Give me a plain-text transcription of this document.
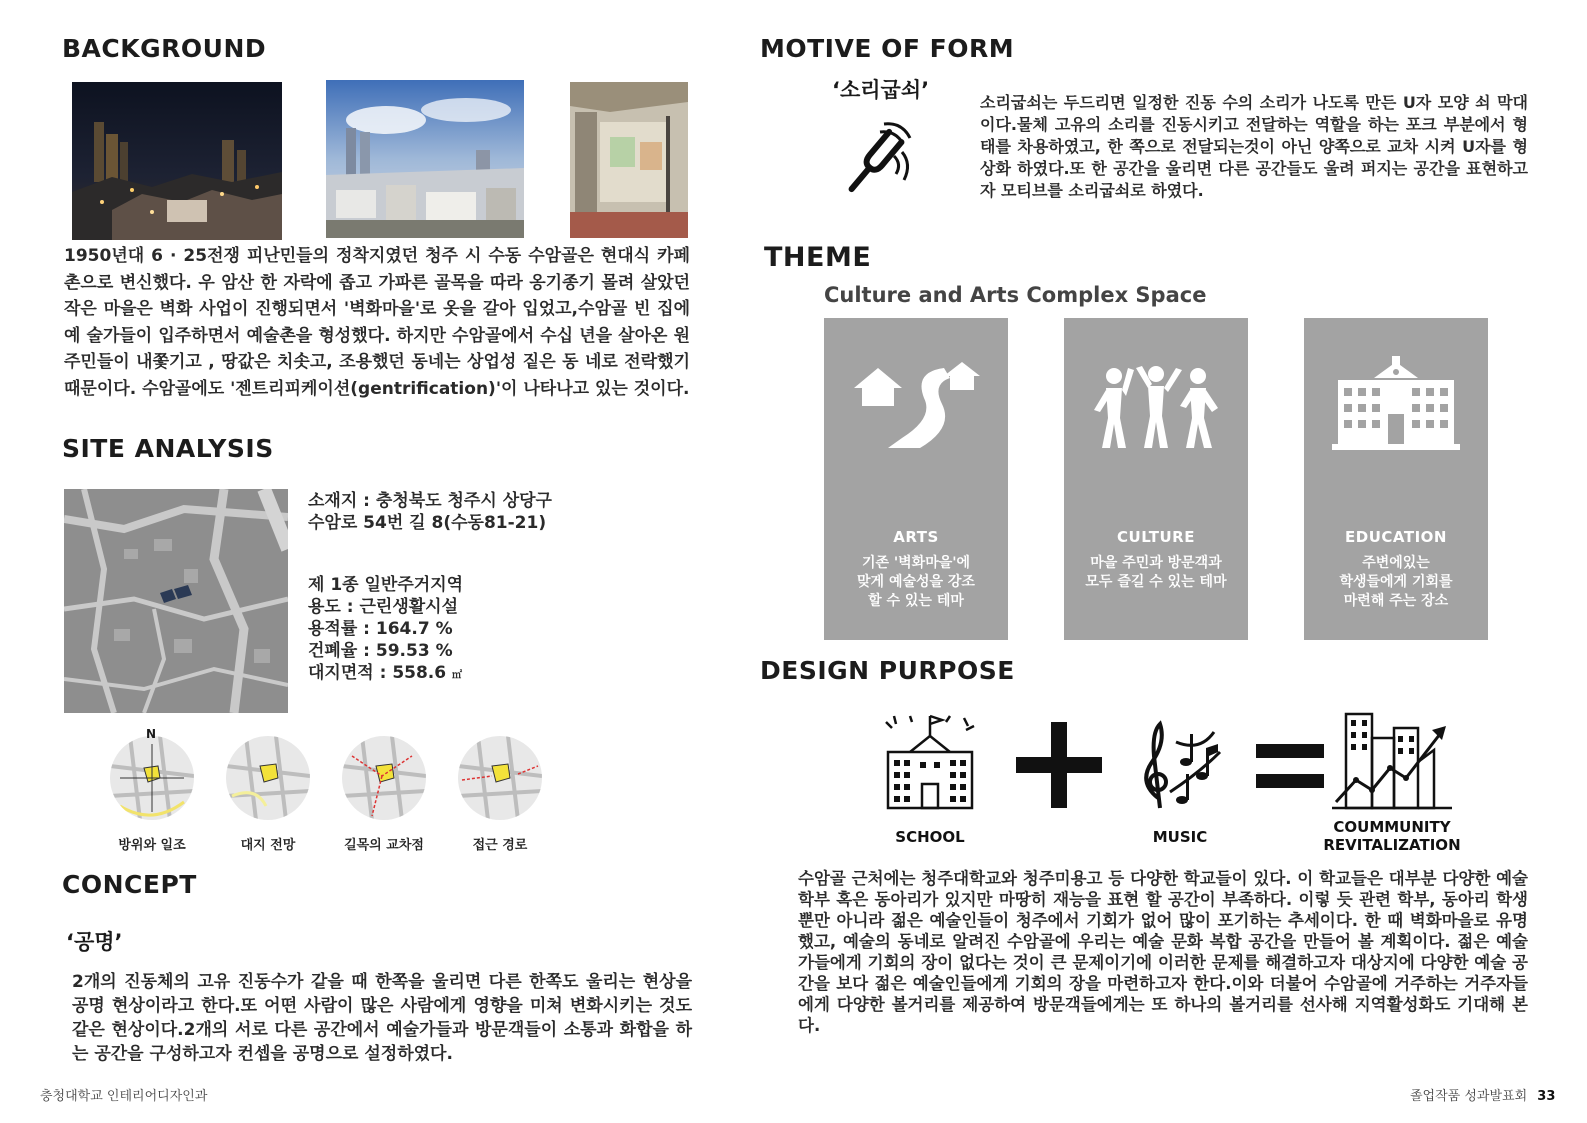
BACKGROUND
1950년대 6 · 25전쟁 피난민들의 정착지였던 청주 시 수동 수암골은 현대식 카페촌으로 변신했다. 우 암산 한 자락에 좁고 가파른 골목을 따라 옹기종기 몰려 살았던 작은 마을은 벽화 사업이 진행되면서 '벽화마을'로 옷을 갈아 입었고,수암골 빈 집에 예 술가들이 입주하면서 예술촌을 형성했다. 하지만 수암골에서 수십 년을 살아온 원주민들이 내쫓기고 , 땅값은 치솟고, 조용했던 동네는 상업성 짙은 동 네로 전락했기 때문이다. 수암골에도 '젠트리피케이션(gentrification)'이 나타나고 있는 것이다.
SITE ANALYSIS
소재지 : 충청북도 청주시 상당구
수암로 54번 길 8(수동81-21)
제 1종 일반주거지역
용도 : 근린생활시설
용적률 : 164.7 %
건폐율 : 59.53 %
대지면적 : 558.6 ㎡
N
방위와 일조	대지 전망	길목의 교차점	접근 경로
CONCEPT
‘공명’
2개의 진동체의 고유 진동수가 같을 때 한쪽을 울리면 다른 한쪽도 울리는 현상을 공명 현상이라고 한다.또 어떤 사람이 많은 사람에게 영향을 미쳐 변화시키는 것도 같은 현상이다.2개의 서로 다른 공간에서 예술가들과 방문객들이 소통과 화합을 하는 공간을 구성하고자 컨셉을 공명으로 설정하였다.
충청대학교 인테리어디자인과
MOTIVE OF FORM
‘소리굽쇠’
소리굽쇠는 두드리면 일정한 진동 수의 소리가 나도록 만든 U자 모양 쇠 막대이다.물체 고유의 소리를 진동시키고 전달하는 역할을 하는 포크 부분에서 형태를 차용하였고, 한 쪽으로 전달되는것이 아닌 양쪽으로 교차 시켜 U자를 형상화 하였다.또 한 공간을 울리면 다른 공간들도 울려 퍼지는 공간을 표현하고자 모티브를 소리굽쇠로 하였다.
THEME
Culture and Arts Complex Space
ARTS
기존 '벽화마을'에
맞게 예술성을 강조
할 수 있는 테마
CULTURE
마을 주민과 방문객과
모두 즐길 수 있는 테마
EDUCATION
주변에있는
학생들에게 기회를
마련해 주는 장소
DESIGN PURPOSE
SCHOOL	MUSIC
COUMMUNITY
REVITALIZATION
수암골 근처에는 청주대학교와 청주미용고 등 다양한 학교들이 있다. 이 학교들은 대부분 다양한 예술학부 혹은 동아리가 있지만 마땅히 재능을 표현 할 공간이 부족하다. 이렇 듯 관련 학부, 동아리 학생 뿐만 아니라 젊은 예술인들이 청주에서 기회가 없어 많이 포기하는 추세이다. 한 때 벽화마을로 유명했고, 예술의 동네로 알려진 수암골에 우리는 예술 문화 복합 공간을 만들어 볼 계획이다. 젊은 예술가들에게 기회의 장이 없다는 것이 큰 문제이기에 이러한 문제를 해결하고자 대상지에 다양한 예술 공간을 보다 젊은 예술인들에게 기회의 장을 마련하고자 한다.이와 더불어 수암골에 거주하는 거주자들에게 다양한 볼거리를 제공하여 방문객들에게는 또 하나의 볼거리를 선사해 지역활성화도 기대해 본다.
졸업작품 성과발표회 33
